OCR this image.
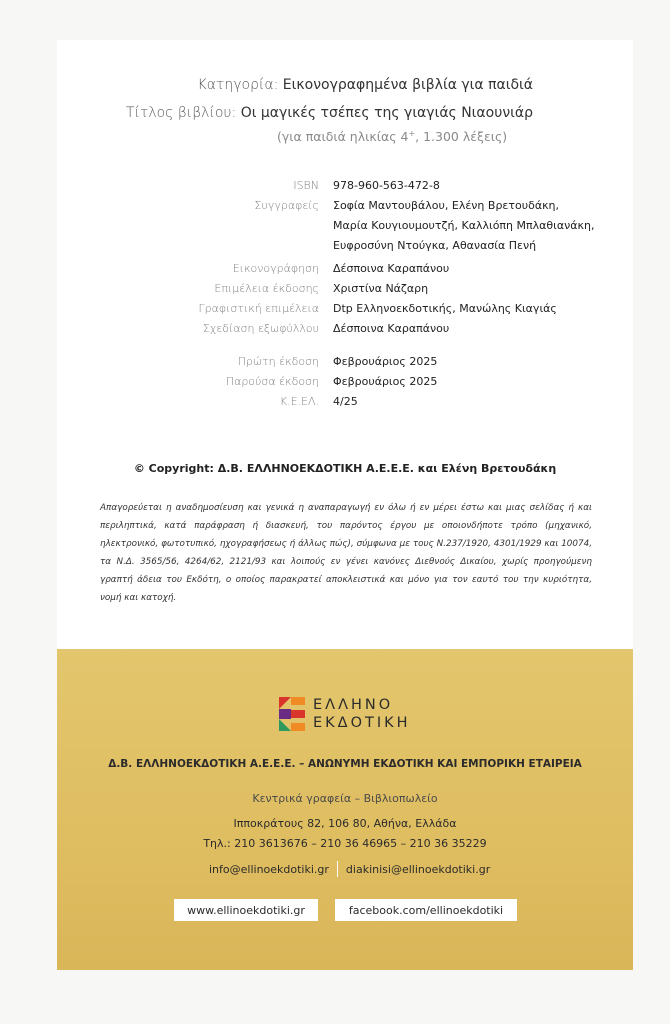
Κατηγορία: Εικονογραφημένα βιβλία για παιδιά
Τίτλος βιβλίου: Οι μαγικές τσέπες της γιαγιάς Νιαουνιάρ
(για παιδιά ηλικίας 4+, 1.300 λέξεις)
ISBN	978-960-563-472-8
Συγγραφείς	Σοφία Μαντουβάλου, Ελένη Βρετουδάκη,
Μαρία Κουγιουμουτζή, Καλλιόπη Μπλαθιανάκη,
Ευφροσύνη Ντούγκα, Αθανασία Πενή
Εικονογράφηση	Δέσποινα Καραπάνου
Επιμέλεια έκδοσης	Χριστίνα Νάζαρη
Γραφιστική επιμέλεια	Dtp Ελληνοεκδοτικής, Μανώλης Κιαγιάς
Σχεδίαση εξωφύλλου	Δέσποινα Καραπάνου
Πρώτη έκδοση	Φεβρουάριος 2025
Παρούσα έκδοση	Φεβρουάριος 2025
Κ.Ε.ΕΛ.	4/25
© Copyright: Δ.Β. ΕΛΛΗΝΟΕΚΔΟΤΙΚΗ Α.Ε.Ε.Ε. και Ελένη Βρετουδάκη
Απαγορεύεται η αναδημοσίευση και γενικά η αναπαραγωγή εν όλω ή εν μέρει έστω και μιας σελίδας ή και περιληπτικά, κατά παράφραση ή διασκευή, του παρόντος έργου με οποιονδήποτε τρόπο (μηχανικό, ηλεκτρονικό, φωτοτυπικό, ηχογραφήσεως ή άλλως πώς), σύμφωνα με τους Ν.237/1920, 4301/1929 και 10074, τα Ν.Δ. 3565/56, 4264/62, 2121/93 και λοιπούς εν γένει κανόνες Διεθνούς Δικαίου, χωρίς προηγούμενη γραπτή άδεια του Εκδότη, ο οποίος παρακρατεί αποκλειστικά και μόνο για τον εαυτό του την κυριότητα, νομή και κατοχή.
ΕΛΛΗΝΟ
ΕΚΔΟΤΙΚΗ
Δ.Β. ΕΛΛΗΝΟΕΚΔΟΤΙΚΗ Α.Ε.Ε.Ε. – ΑΝΩΝΥΜΗ ΕΚΔΟΤΙΚΗ ΚΑΙ ΕΜΠΟΡΙΚΗ ΕΤΑΙΡΕΙΑ
Κεντρικά γραφεία – Βιβλιοπωλείο
Ιπποκράτους 82, 106 80, Αθήνα, Ελλάδα
Τηλ.: 210 3613676 – 210 36 46965 – 210 36 35229
info@ellinoekdotiki.gr diakinisi@ellinoekdotiki.gr
www.ellinoekdotiki.gr	facebook.com/ellinoekdotiki
